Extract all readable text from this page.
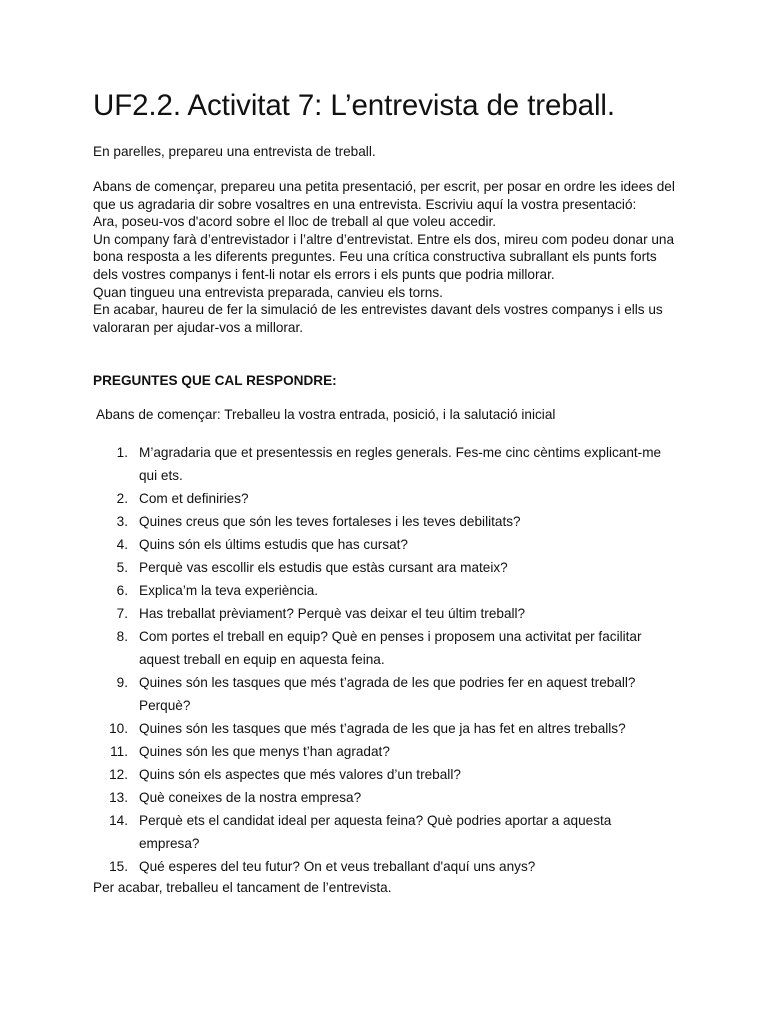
UF2.2. Activitat 7: L’entrevista de treball.

En parelles, prepareu una entrevista de treball.

Abans de començar, prepareu una petita presentació, per escrit, per posar en ordre les idees del que us agradaria dir sobre vosaltres en una entrevista. Escriviu aquí la vostra presentació:

Ara, poseu-vos d'acord sobre el lloc de treball al que voleu accedir.

Un company farà d’entrevistador i l’altre d’entrevistat. Entre els dos, mireu com podeu donar una bona resposta a les diferents preguntes. Feu una crítica constructiva subrallant els punts forts dels vostres companys i fent-li notar els errors i els punts que podria millorar.

Quan tingueu una entrevista preparada, canvieu els torns.

En acabar, haureu de fer la simulació de les entrevistes davant dels vostres companys i ells us valoraran per ajudar-vos a millorar.

PREGUNTES QUE CAL RESPONDRE:

Abans de començar: Treballeu la vostra entrada, posició, i la salutació inicial

1. M’agradaria que et presentessis en regles generals. Fes-me cinc cèntims explicant-me qui ets.
2. Com et definiries?
3. Quines creus que són les teves fortaleses i les teves debilitats?
4. Quins són els últims estudis que has cursat?
5. Perquè vas escollir els estudis que estàs cursant ara mateix?
6. Explica’m la teva experiència.
7. Has treballat prèviament? Perquè vas deixar el teu últim treball?
8. Com portes el treball en equip? Què en penses i proposem una activitat per facilitar aquest treball en equip en aquesta feina.
9. Quines són les tasques que més t’agrada de les que podries fer en aquest treball? Perquè?
10. Quines són les tasques que més t’agrada de les que ja has fet en altres treballs?
11. Quines són les que menys t’han agradat?
12. Quins són els aspectes que més valores d’un treball?
13. Què coneixes de la nostra empresa?
14. Perquè ets el candidat ideal per aquesta feina? Què podries aportar a aquesta empresa?
15. Qué esperes del teu futur? On et veus treballant d'aquí uns anys?

Per acabar, treballeu el tancament de l’entrevista.
